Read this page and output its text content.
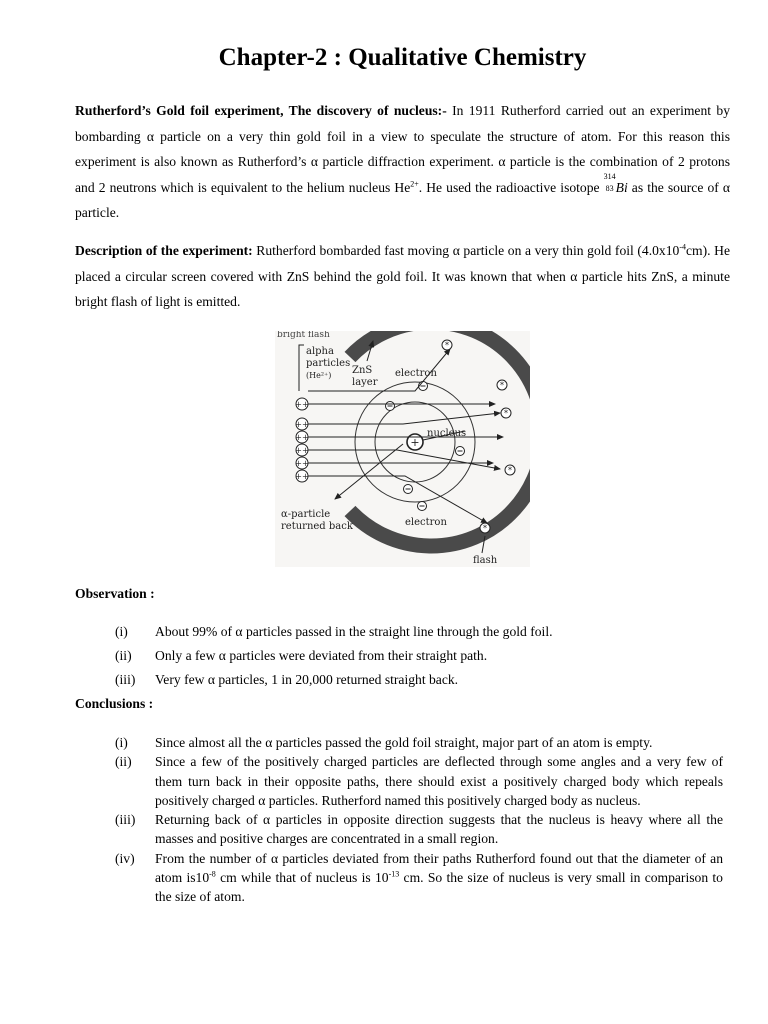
Chapter-2 : Qualitative Chemistry

Rutherford’s Gold foil experiment, The discovery of nucleus:- In 1911 Rutherford carried out an experiment by bombarding α particle on a very thin gold foil in a view to speculate the structure of atom. For this reason this experiment is also known as Rutherford’s α particle diffraction experiment. α particle is the combination of 2 protons and 2 neutrons which is equivalent to the helium nucleus $He^{2+}$. He used the radioactive isotope
314
83 Bi as the source of α particle.

Description of the experiment: Rutherford bombarded fast moving α particle on a very thin gold foil $(4.0x10^{-4}cm)$. He placed a circular screen covered with ZnS behind the gold foil. It was known that when α particle hits ZnS, a minute bright flash of light is emitted.

bright flash
+
nucleus
electron
electron
alpha
particles
(He²⁺) ZnS
layer
α-particle
returned back
flash
++
++
++
++
++
++
*
*
*
*
*

Observation :

(i) About 99% of α particles passed in the straight line through the gold foil.
(ii) Only a few α particles were deviated from their straight path.
(iii) Very few α particles, 1 in 20,000 returned straight back.

Conclusions :

(i) Since almost all the α particles passed the gold foil straight, major part of an atom is empty.
(ii) Since a few of the positively charged particles are deflected through some angles and a very few of them turn back in their opposite paths, there should exist a positively charged body which repeals positively charged α particles. Rutherford named this positively charged body as nucleus.
(iii) Returning back of α particles in opposite direction suggests that the nucleus is heavy where all the masses and positive charges are concentrated in a small region.
(iv) From the number of α particles deviated from their paths Rutherford found out that the diameter of an atom $is10^{-8}$ cm while that of nucleus is $10^{-13}$ cm. So the size of nucleus is very small in comparison to the size of atom.
